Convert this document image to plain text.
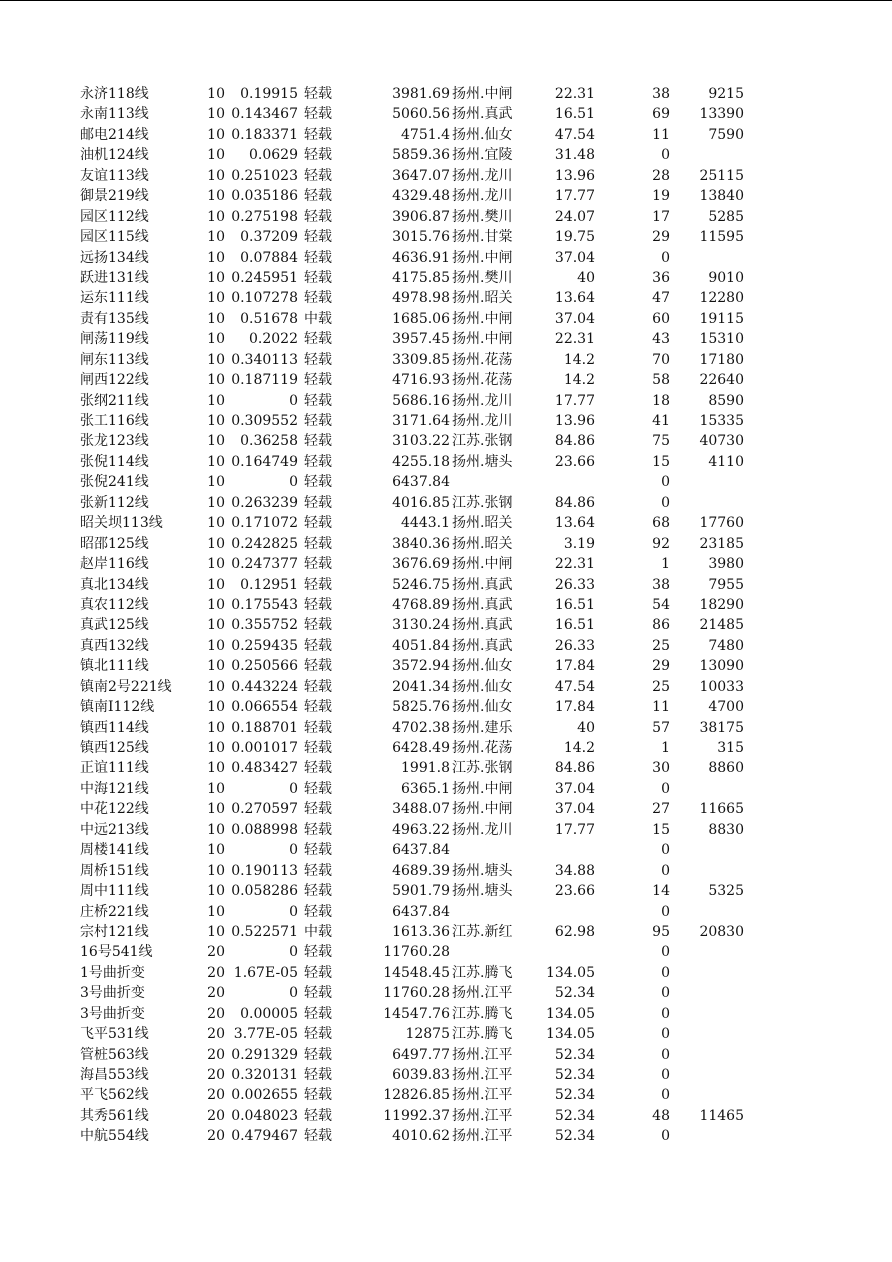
永济118线	10	0.19915 轻载	3981.69 扬州.中闸	22.31	38	9215
永南113线	10 0.143467 轻载	5060.56 扬州.真武	16.51	69	13390
邮电214线	10 0.183371 轻载	4751.4 扬州.仙女	47.54	11	7590
油机124线	10	0.0629 轻载	5859.36 扬州.宜陵	31.48	0
友谊113线	10 0.251023 轻载	3647.07 扬州.龙川	13.96	28	25115
御景219线	10 0.035186 轻载	4329.48 扬州.龙川	17.77	19	13840
园区112线	10 0.275198 轻载	3906.87 扬州.樊川	24.07	17	5285
园区115线	10	0.37209 轻载	3015.76 扬州.甘棠	19.75	29	11595
远扬134线	10	0.07884 轻载	4636.91 扬州.中闸	37.04	0
跃进131线	10 0.245951 轻载	4175.85 扬州.樊川	40	36	9010
运东111线	10 0.107278 轻载	4978.98 扬州.昭关	13.64	47	12280
责有135线	10	0.51678 中载	1685.06 扬州.中闸	37.04	60	19115
闸荡119线	10	0.2022 轻载	3957.45 扬州.中闸	22.31	43	15310
闸东113线	10 0.340113 轻载	3309.85 扬州.花荡	14.2	70	17180
闸西122线	10 0.187119 轻载	4716.93 扬州.花荡	14.2	58	22640
张纲211线	10	0 轻载	5686.16 扬州.龙川	17.77	18	8590
张工116线	10 0.309552 轻载	3171.64 扬州.龙川	13.96	41	15335
张龙123线	10	0.36258 轻载	3103.22 江苏.张钢	84.86	75	40730
张倪114线	10 0.164749 轻载	4255.18 扬州.塘头	23.66	15	4110
张倪241线	10	0 轻载	6437.84	0
张新112线	10 0.263239 轻载	4016.85 江苏.张钢	84.86	0
昭关坝113线	10 0.171072 轻载	4443.1 扬州.昭关	13.64	68	17760
昭邵125线	10 0.242825 轻载	3840.36 扬州.昭关	3.19	92	23185
赵岸116线	10 0.247377 轻载	3676.69 扬州.中闸	22.31	1	3980
真北134线	10	0.12951 轻载	5246.75 扬州.真武	26.33	38	7955
真农112线	10 0.175543 轻载	4768.89 扬州.真武	16.51	54	18290
真武125线	10 0.355752 轻载	3130.24 扬州.真武	16.51	86	21485
真西132线	10 0.259435 轻载	4051.84 扬州.真武	26.33	25	7480
镇北111线	10 0.250566 轻载	3572.94 扬州.仙女	17.84	29	13090
镇南2号221线	10 0.443224 轻载	2041.34 扬州.仙女	47.54	25	10033
镇南Ⅰ112线	10 0.066554 轻载	5825.76 扬州.仙女	17.84	11	4700
镇西114线	10 0.188701 轻载	4702.38 扬州.建乐	40	57	38175
镇西125线	10 0.001017 轻载	6428.49 扬州.花荡	14.2	1	315
正谊111线	10 0.483427 轻载	1991.8 江苏.张钢	84.86	30	8860
中海121线	10	0 轻载	6365.1 扬州.中闸	37.04	0
中花122线	10 0.270597 轻载	3488.07 扬州.中闸	37.04	27	11665
中远213线	10 0.088998 轻载	4963.22 扬州.龙川	17.77	15	8830
周楼141线	10	0 轻载	6437.84	0
周桥151线	10 0.190113 轻载	4689.39 扬州.塘头	34.88	0
周中111线	10 0.058286 轻载	5901.79 扬州.塘头	23.66	14	5325
庄桥221线	10	0 轻载	6437.84	0
宗村121线	10 0.522571 中载	1613.36 江苏.新红	62.98	95	20830
16号541线	20	0 轻载	11760.28	0
1号曲折变	20 1.67E-05 轻载	14548.45 江苏.腾飞	134.05	0
3号曲折变	20	0 轻载	11760.28 扬州.江平	52.34	0
3号曲折变	20	0.00005 轻载	14547.76 江苏.腾飞	134.05	0
飞平531线	20 3.77E-05 轻载	12875 江苏.腾飞	134.05	0
管桩563线	20 0.291329 轻载	6497.77 扬州.江平	52.34	0
海昌553线	20 0.320131 轻载	6039.83 扬州.江平	52.34	0
平飞562线	20 0.002655 轻载	12826.85 扬州.江平	52.34	0
其秀561线	20 0.048023 轻载	11992.37 扬州.江平	52.34	48	11465
中航554线	20 0.479467 轻载	4010.62 扬州.江平	52.34	0
